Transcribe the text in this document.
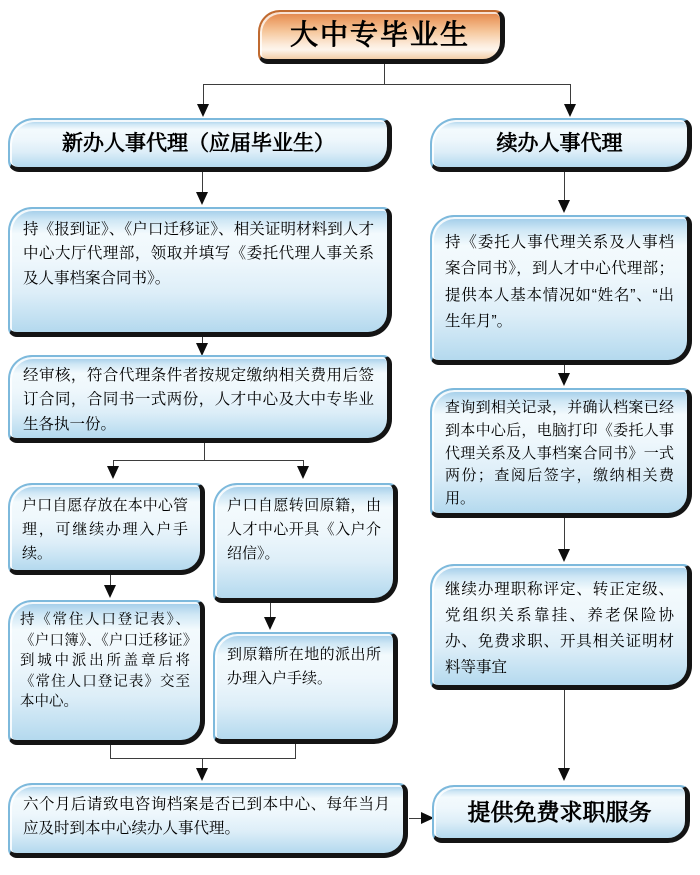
大中专毕业生
新办人事代理（应届毕业生）	续办人事代理
持《报到证》、《户口迁移证》、相关证明材料到人才中心大厅代理部，领取并填写《委托代理人事关系及人事档案合同书》。
经审核，符合代理条件者按规定缴纳相关费用后签订合同，合同书一式两份，人才中心及大中专毕业生各执一份。
户口自愿存放在本中心管理，可继续办理入户手续。
持《常住人口登记表》、《户口簿》、《户口迁移证》到城中派出所盖章后将《常住人口登记表》交至本中心。
户口自愿转回原籍，由人才中心开具《入户介绍信》。
到原籍所在地的派出所办理入户手续。
六个月后请致电咨询档案是否已到本中心、每年当月应及时到本中心续办人事代理。
持《委托人事代理关系及人事档案合同书》，到人才中心代理部；提供本人基本情况如“姓名”、“出生年月”。
查询到相关记录，并确认档案已经到本中心后，电脑打印《委托人事代理关系及人事档案合同书》一式两份；查阅后签字，缴纳相关费用。
继续办理职称评定、转正定级、党组织关系靠挂、养老保险协办、免费求职、开具相关证明材料等事宜
提供免费求职服务
